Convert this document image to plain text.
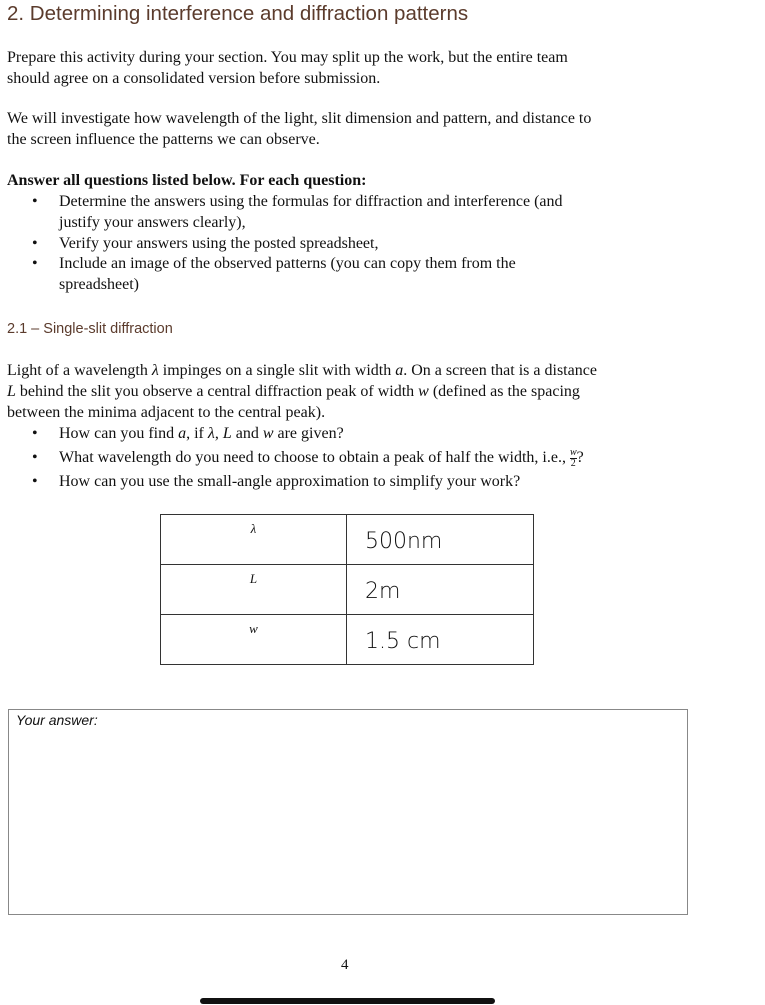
2. Determining interference and diffraction patterns
Prepare this activity during your section. You may split up the work, but the entire team
should agree on a consolidated version before submission.
We will investigate how wavelength of the light, slit dimension and pattern, and distance to
the screen influence the patterns we can observe.
Answer all questions listed below. For each question:
• Determine the answers using the formulas for diffraction and interference (and
justify your answers clearly),
• Verify your answers using the posted spreadsheet,
• Include an image of the observed patterns (you can copy them from the
spreadsheet)
2.1 – Single-slit diffraction
Light of a wavelength λ impinges on a single slit with width a. On a screen that is a distance
L behind the slit you observe a central diffraction peak of width w (defined as the spacing
between the minima adjacent to the central peak).
• How can you find a, if λ, L and w are given?
• What wavelength do you need to choose to obtain a peak of half the width, i.e., $\frac{w}{2}$ ?
• How can you use the small-angle approximation to simplify your work?
λ	500nm
L	2m
w	1.5 cm
Your answer:
4
